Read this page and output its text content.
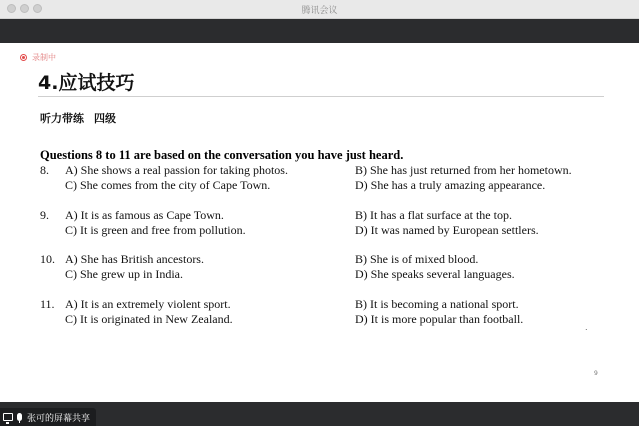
腾讯会议
录制中
4.应试技巧
听力带练 四级
Questions 8 to 11 are based on the conversation you have just heard.
8. A) She shows a real passion for taking photos.	B) She has just returned from her hometown.
C) She comes from the city of Cape Town.	D) She has a truly amazing appearance.
9. A) It is as famous as Cape Town.	B) It has a flat surface at the top.
C) It is green and free from pollution.	D) It was named by European settlers.
10. A) She has British ancestors.	B) She is of mixed blood.
C) She grew up in India.	D) She speaks several languages.
11. A) It is an extremely violent sport.	B) It is becoming a national sport.
C) It is originated in New Zealand.	D) It is more popular than football.
.
9
张可的屏幕共享
